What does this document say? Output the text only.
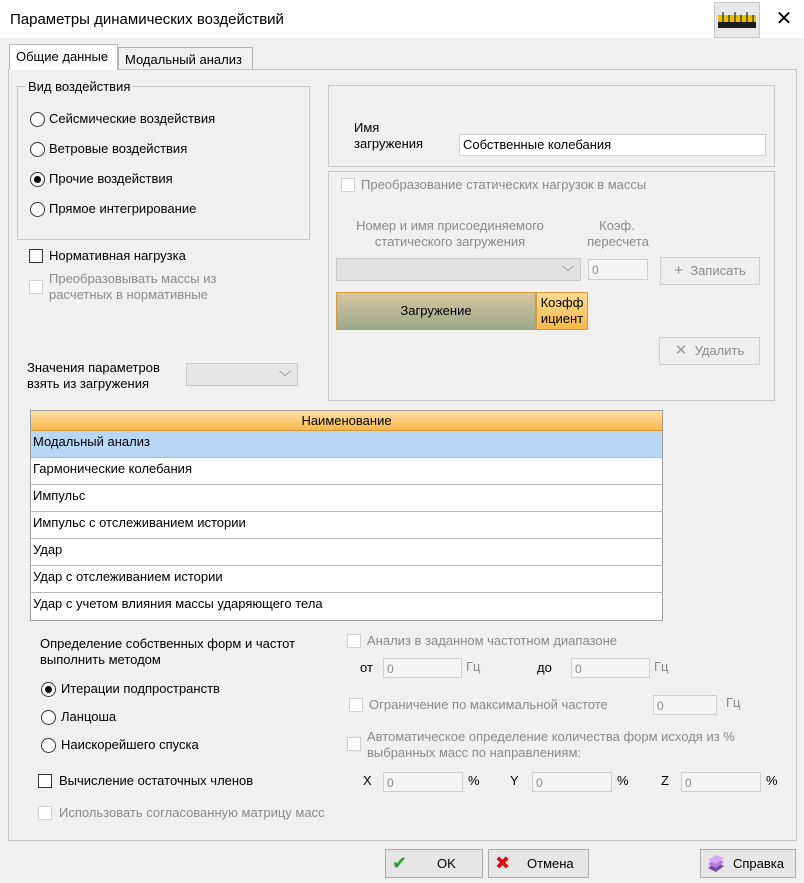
Параметры динамических воздействий	✕
Общие данные	Модальный анализ
Вид воздействия
Сейсмические воздействия
Ветровые воздействия
Прочие воздействия
Прямое интегрирование
Нормативная нагрузка
Преобразовывать массы из
расчетных в нормативные
Значения параметров
взять из загружения	﹀
Имя
загружения	Собственные колебания
Преобразование статических нагрузок в массы
Номер и имя присоединяемого
статического загружения
Коэф.
пересчета
﹀	0	+ Записать
Загружение
Коэфф
ициент
✕ Удалить
Наименование
Модальный анализ
Гармонические колебания
Импульс
Импульс с отслеживанием истории
Удар
Удар с отслеживанием истории
Удар с учетом влияния массы ударяющего тела
Определение собственных форм и частот
выполнить методом
Итерации подпространств
Ланцоша
Наискорейшего спуска
Вычисление остаточных членов
Использовать согласованную матрицу масс
Анализ в заданном частотном диапазоне
от	0	Гц	до	0	Гц
Ограничение по максимальной частоте	0	Гц
Автоматическое определение количества форм исходя из %
выбранных масс по направлениям:
X	0	% Y	0	% Z	0	%
✔ OK ✖ Отмена	Справка
